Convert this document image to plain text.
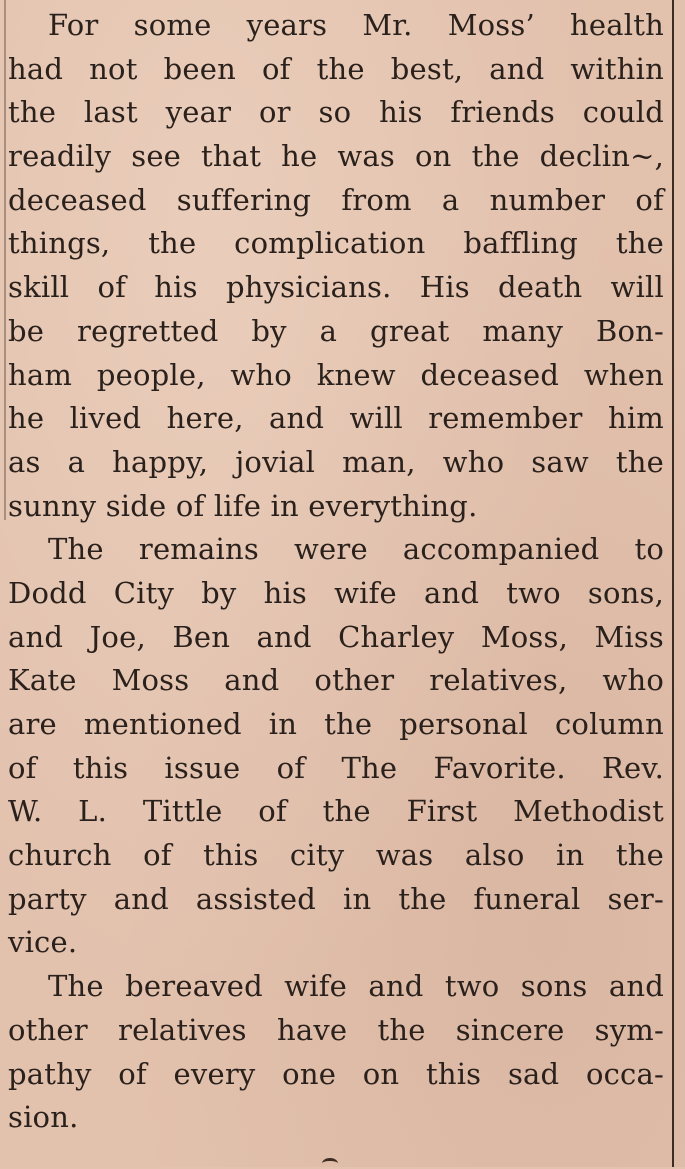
For some years Mr. Moss’ health
had not been of the best, and within
the last year or so his friends could
readily see that he was on the declin~,
deceased suffering from a number of
things, the complication baffling the
skill of his physicians. His death will
be regretted by a great many Bon-
ham people, who knew deceased when
he lived here, and will remember him
as a happy, jovial man, who saw the
sunny side of life in everything.
The remains were accompanied to
Dodd City by his wife and two sons,
and Joe, Ben and Charley Moss, Miss
Kate Moss and other relatives, who
are mentioned in the personal column
of this issue of The Favorite. Rev.
W. L. Tittle of the First Methodist
church of this city was also in the
party and assisted in the funeral ser-
vice.
The bereaved wife and two sons and
other relatives have the sincere sym-
pathy of every one on this sad occa-
sion.
